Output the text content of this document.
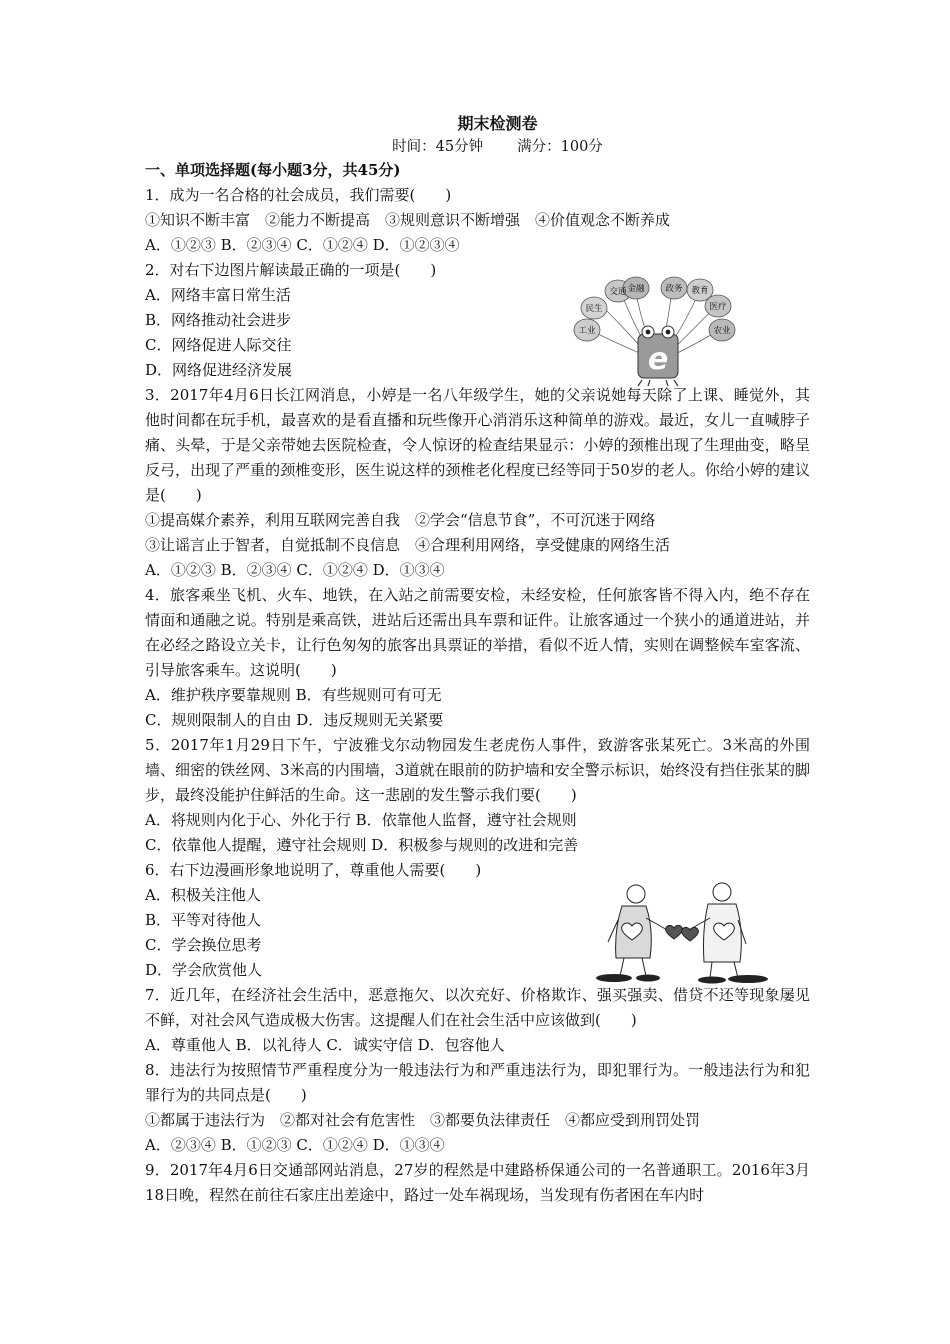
期末检测卷
时间：45分钟 满分：100分
一、单项选择题(每小题3分，共45分)
1．成为一名合格的社会成员，我们需要(　　)
①知识不断丰富　②能力不断提高　③规则意识不断增强　④价值观念不断养成
A．①②③ B．②③④ C．①②④ D．①②③④
2．对右下边图片解读最正确的一项是(　　)
A．网络丰富日常生活
B．网络推动社会进步
C．网络促进人际交往
D．网络促进经济发展
3．2017年4月6日长江网消息，小婷是一名八年级学生，她的父亲说她每天除了上课、睡觉外，其他时间都在玩手机，最喜欢的是看直播和玩些像开心消消乐这种简单的游戏。最近，女儿一直喊脖子痛、头晕，于是父亲带她去医院检查，令人惊讶的检查结果显示：小婷的颈椎出现了生理曲变，略呈反弓，出现了严重的颈椎变形，医生说这样的颈椎老化程度已经等同于50岁的老人。你给小婷的建议是(　　)
①提高媒介素养，利用互联网完善自我　②学会“信息节食”，不可沉迷于网络
③让谣言止于智者，自觉抵制不良信息　④合理利用网络，享受健康的网络生活
A．①②③ B．②③④ C．①②④ D．①③④
4．旅客乘坐飞机、火车、地铁，在入站之前需要安检，未经安检，任何旅客皆不得入内，绝不存在情面和通融之说。特别是乘高铁，进站后还需出具车票和证件。让旅客通过一个狭小的通道进站，并在必经之路设立关卡，让行色匆匆的旅客出具票证的举措，看似不近人情，实则在调整候车室客流、引导旅客乘车。这说明(　　)
A．维护秩序要靠规则 B．有些规则可有可无
C．规则限制人的自由 D．违反规则无关紧要
5．2017年1月29日下午，宁波雅戈尔动物园发生老虎伤人事件，致游客张某死亡。3米高的外围墙、细密的铁丝网、3米高的内围墙，3道就在眼前的防护墙和安全警示标识，始终没有挡住张某的脚步，最终没能护住鲜活的生命。这一悲剧的发生警示我们要(　　)
A．将规则内化于心、外化于行 B．依靠他人监督，遵守社会规则
C．依靠他人提醒，遵守社会规则 D．积极参与规则的改进和完善
6．右下边漫画形象地说明了，尊重他人需要(　　)
A．积极关注他人
B．平等对待他人
C．学会换位思考
D．学会欣赏他人
7．近几年，在经济社会生活中，恶意拖欠、以次充好、价格欺诈、强买强卖、借贷不还等现象屡见不鲜，对社会风气造成极大伤害。这提醒人们在社会生活中应该做到(　　)
A．尊重他人 B．以礼待人 C．诚实守信 D．包容他人
8．违法行为按照情节严重程度分为一般违法行为和严重违法行为，即犯罪行为。一般违法行为和犯罪行为的共同点是(　　)
①都属于违法行为　②都对社会有危害性　③都要负法律责任　④都应受到刑罚处罚
A．②③④ B．①②③ C．①②④ D．①③④
9．2017年4月6日交通部网站消息，27岁的程然是中建路桥保通公司的一名普通职工。2016年3月18日晚，程然在前往石家庄出差途中，路过一处车祸现场，当发现有伤者困在车内时
交通 金融
民生
政务 教育
医疗
工业	农业
e
